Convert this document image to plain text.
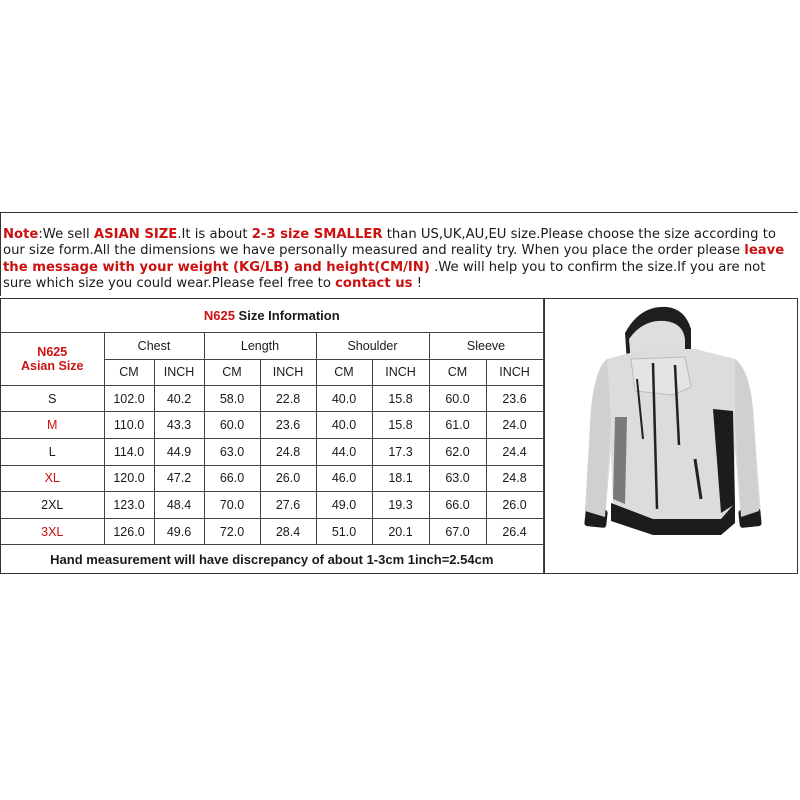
Note:We sell ASIAN SIZE.It is about 2-3 size SMALLER than US,UK,AU,EU size.Please choose the size according to our size form.All the dimensions we have personally measured and reality try. When you place the order please leave the message with your weight (KG/LB) and height(CM/IN) .We will help you to confirm the size.If you are not sure which size you could wear.Please feel free to contact us !
N625 Size Information								

N625
Asian Size	Chest		Length		Shoulder		Sleeve	
	CM	INCH	CM	INCH	CM	INCH	CM	INCH
S	102.0	40.2	58.0	22.8	40.0	15.8	60.0	23.6
M	110.0	43.3	60.0	23.6	40.0	15.8	61.0	24.0
L	114.0	44.9	63.0	24.8	44.0	17.3	62.0	24.4
XL	120.0	47.2	66.0	26.0	46.0	18.1	63.0	24.8
2XL	123.0	48.4	70.0	27.6	49.0	19.3	66.0	26.0
3XL	126.0	49.6	72.0	28.4	51.0	20.1	67.0	26.4
Hand measurement will have discrepancy of about 1-3cm 1inch=2.54cm								
